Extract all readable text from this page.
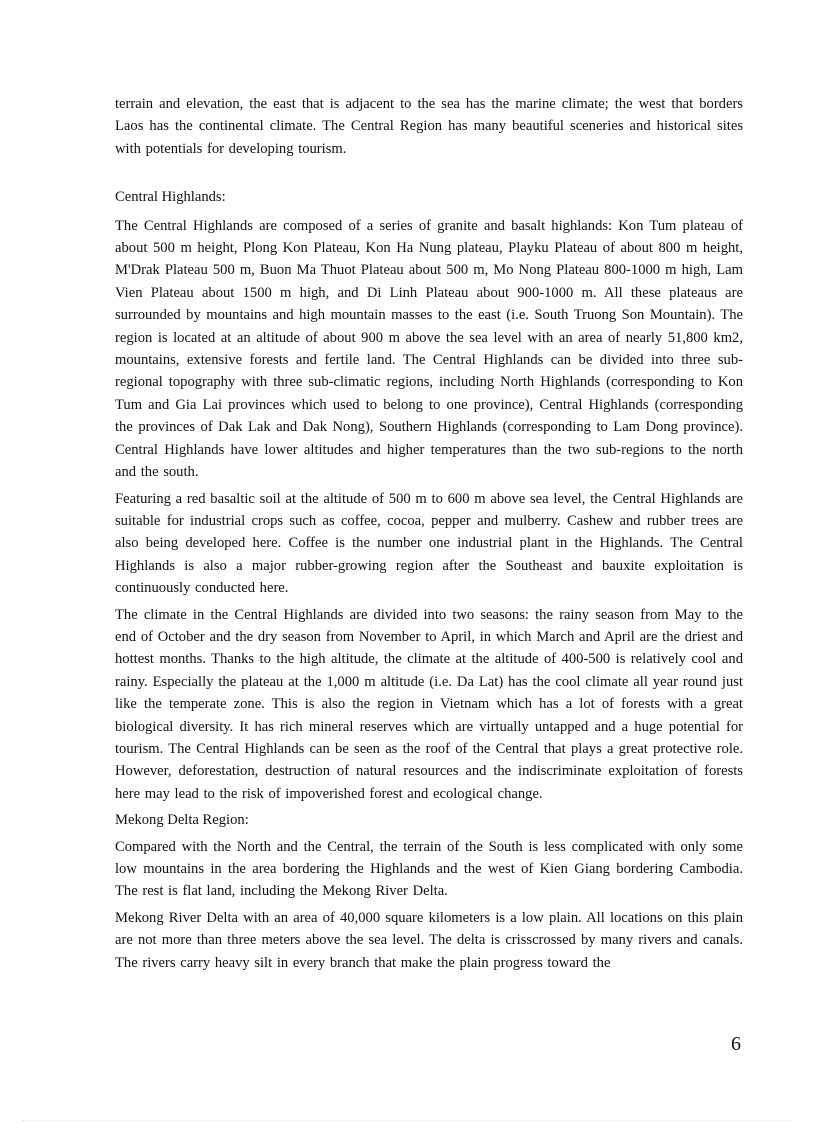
terrain and elevation, the east that is adjacent to the sea has the marine climate; the west that borders Laos has the continental climate. The Central Region has many beautiful sceneries and historical sites with potentials for developing tourism.

Central Highlands:

The Central Highlands are composed of a series of granite and basalt highlands: Kon Tum plateau of about 500 m height, Plong Kon Plateau, Kon Ha Nung plateau, Playku Plateau of about 800 m height, M'Drak Plateau 500 m, Buon Ma Thuot Plateau about 500 m, Mo Nong Plateau 800-1000 m high, Lam Vien Plateau about 1500 m high, and Di Linh Plateau about 900-1000 m. All these plateaus are surrounded by mountains and high mountain masses to the east (i.e. South Truong Son Mountain). The region is located at an altitude of about 900 m above the sea level with an area of nearly 51,800 km2, mountains, extensive forests and fertile land. The Central Highlands can be divided into three sub-regional topography with three sub-climatic regions, including North Highlands (corresponding to Kon Tum and Gia Lai provinces which used to belong to one province), Central Highlands (corresponding the provinces of Dak Lak and Dak Nong), Southern Highlands (corresponding to Lam Dong province). Central Highlands have lower altitudes and higher temperatures than the two sub-regions to the north and the south.

Featuring a red basaltic soil at the altitude of 500 m to 600 m above sea level, the Central Highlands are suitable for industrial crops such as coffee, cocoa, pepper and mulberry. Cashew and rubber trees are also being developed here. Coffee is the number one industrial plant in the Highlands. The Central Highlands is also a major rubber-growing region after the Southeast and bauxite exploitation is continuously conducted here.

The climate in the Central Highlands are divided into two seasons: the rainy season from May to the end of October and the dry season from November to April, in which March and April are the driest and hottest months. Thanks to the high altitude, the climate at the altitude of 400-500 is relatively cool and rainy. Especially the plateau at the 1,000 m altitude (i.e. Da Lat) has the cool climate all year round just like the temperate zone. This is also the region in Vietnam which has a lot of forests with a great biological diversity. It has rich mineral reserves which are virtually untapped and a huge potential for tourism. The Central Highlands can be seen as the roof of the Central that plays a great protective role. However, deforestation, destruction of natural resources and the indiscriminate exploitation of forests here may lead to the risk of impoverished forest and ecological change.

Mekong Delta Region:

Compared with the North and the Central, the terrain of the South is less complicated with only some low mountains in the area bordering the Highlands and the west of Kien Giang bordering Cambodia. The rest is flat land, including the Mekong River Delta.

Mekong River Delta with an area of 40,000 square kilometers is a low plain. All locations on this plain are not more than three meters above the sea level. The delta is crisscrossed by many rivers and canals. The rivers carry heavy silt in every branch that make the plain progress toward the

6
